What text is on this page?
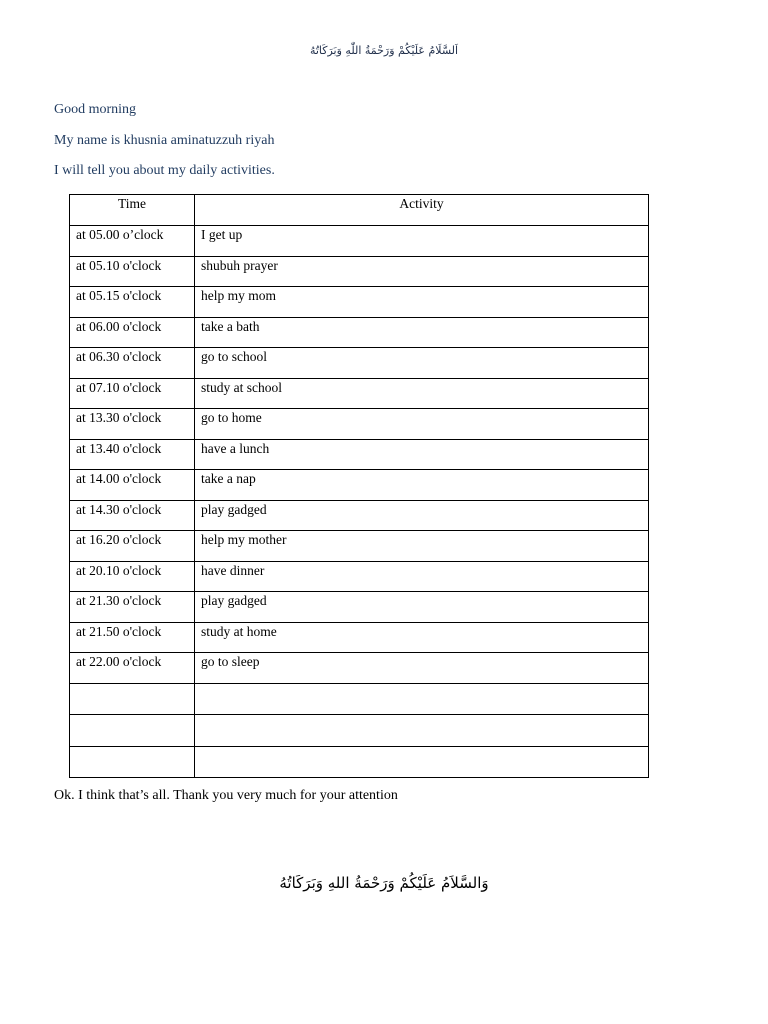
اَلسَّلَامُ عَلَيْكُمْ وَرَحْمَةُ اللّٰهِ وَبَرَكَاتُهُ
Good morning
My name is khusnia aminatuzzuh riyah
I will tell you about my daily activities.
Time	Activity
at 05.00 o’clock	I get up
at 05.10 o'clock	shubuh prayer
at 05.15 o'clock	help my mom
at 06.00 o'clock	take a bath
at 06.30 o'clock	go to school
at 07.10 o'clock	study at school
at 13.30 o'clock	go to home
at 13.40 o'clock	have a lunch
at 14.00 o'clock	take a nap
at 14.30 o'clock	play gadged
at 16.20 o'clock	help my mother
at 20.10 o'clock	have dinner
at 21.30 o'clock	play gadged
at 21.50 o'clock	study at home
at 22.00 o'clock	go to sleep

Ok. I think that’s all. Thank you very much for your attention
وَالسَّلاَمُ عَلَيْكُمْ وَرَحْمَةُ اللهِ وَبَرَكَاتُهُ
